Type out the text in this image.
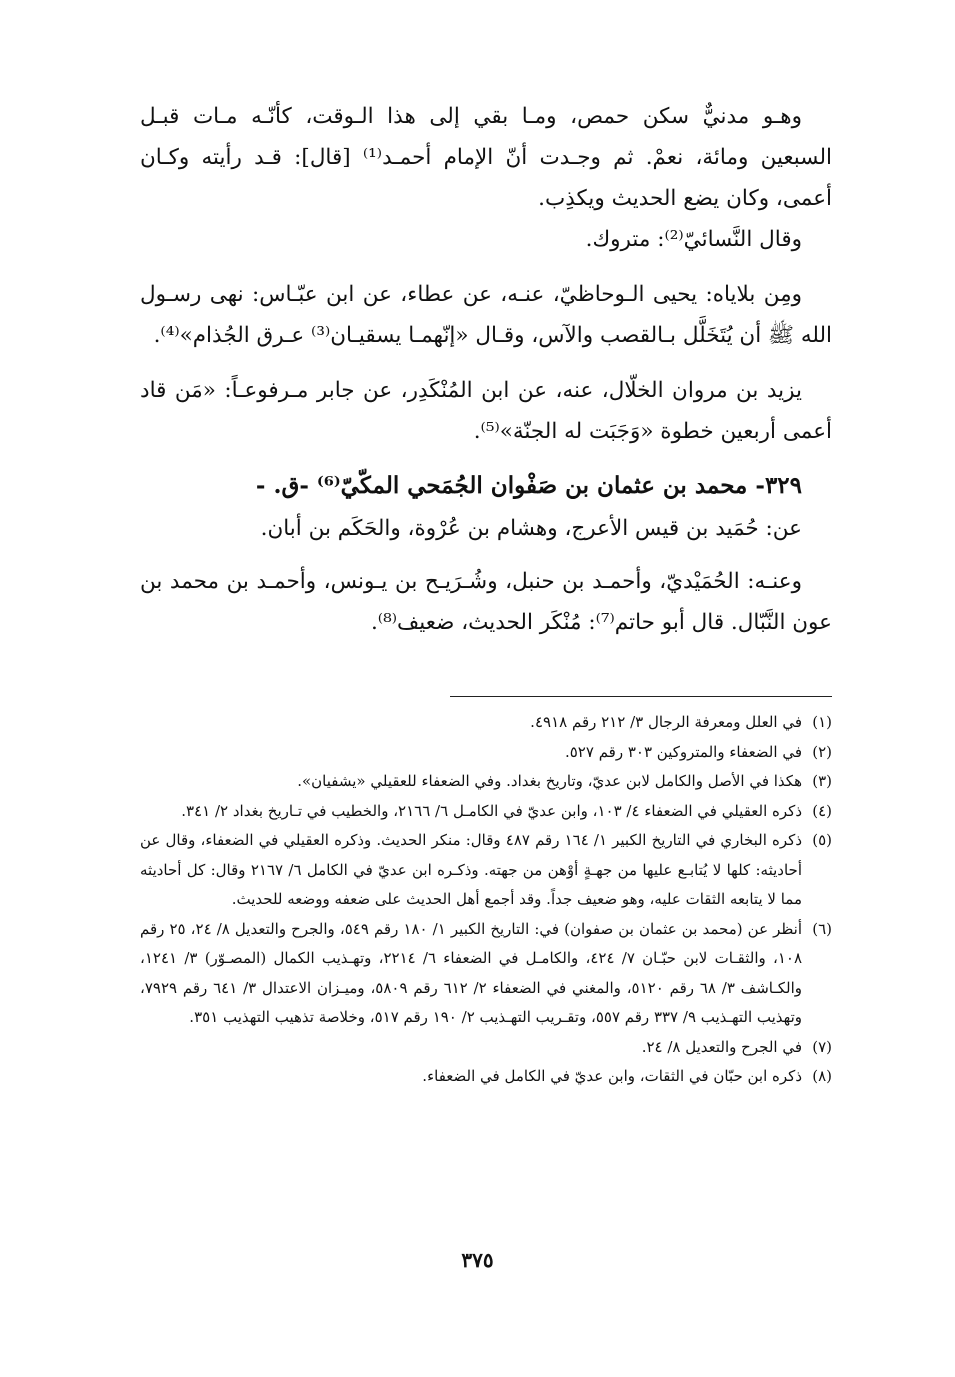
وهـو مدنيٌّ سكن حمص، ومـا بقي إلى هذا الـوقت، كأنّـه مـات قبـل السبعين ومائة، نعمْ. ثم وجـدت أنّ الإمام أحمـد⁽¹⁾ [قال]: قـد رأيته وكـان أعمى، وكان يضع الحديث ويكذِب.

وقال النَّسائيّ⁽²⁾: متروك.

ومِن بلاياه: يحيى الـوحاظيّ، عنـه، عن عطاء، عن ابن عبّـاس: نهى رسـول الله ﷺ أن يُتَخَلَّل بـالقصب والآس، وقـال «إنّهمـا يسقيـان⁽³⁾ عـرق الجُذام»⁽⁴⁾.

يزيد بن مروان الخلّال، عنه، عن ابن المُنْكَدِر، عن جابر مـرفوعـاً: «مَن قاد أعمى أربعين خطوة «وَجَبَت له الجنّة»⁽⁵⁾.

٣٢٩- محمد بن عثمان بن صَفْوان الجُمَحي المكّيّ⁽⁶⁾ -ق. -

عن: حُمَيد بن قيس الأعرج، وهشام بن عُرْوة، والحَكَم بن أبان.

وعنـه: الحُمَيْديّ، وأحمـد بن حنبل، وشُـرَيـح بن يـونس، وأحمـد بن محمد بن عون النَّبّال. قال أبو حاتم⁽⁷⁾: مُنْكَر الحديث، ضعيف⁽⁸⁾.

(١)
في العلل ومعرفة الرجال ٣/ ٢١٢ رقم ٤٩١٨.
(٢)
في الضعفاء والمتروكين ٣٠٣ رقم ٥٢٧.
(٣)
هكذا في الأصل والكامل لابن عديّ، وتاريخ بغداد. وفي الضعفاء للعقيلي «يشفيان».
(٤)
ذكره العقيلي في الضعفاء ٤/ ١٠٣، وابن عديّ في الكامـل ٦/ ٢١٦٦، والخطيب في تـاريخ بغداد ٢/ ٣٤١.
(٥)
ذكره البخاري في التاريخ الكبير ١/ ١٦٤ رقم ٤٨٧ وقال: منكر الحديث. وذكره العقيلي في الضعفاء، وقال عن أحاديثه: كلها لا يُتابـع عليها من جهـةٍ أوْهن من جهته. وذكـره ابن عديّ في الكامل ٦/ ٢١٦٧ وقال: كل أحاديثه مما لا يتابعه الثقات عليه، وهو ضعيف جداً. وقد أجمع أهل الحديث على ضعفه ووضعه للحديث.
(٦)
أنظر عن (محمد بن عثمان بن صفوان) في: التاريخ الكبير ١/ ١٨٠ رقم ٥٤٩، والجرح والتعديل ٨/ ٢٤، ٢٥ رقم ١٠٨، والثقـات لابن حبّـان ٧/ ٤٢٤، والكامـل في الضعفاء ٦/ ٢٢١٤، وتهـذيب الكمال (المصـوّر) ٣/ ١٢٤١، والكـاشف ٣/ ٦٨ رقم ٥١٢٠، والمغني في الضعفاء ٢/ ٦١٢ رقم ٥٨٠٩، وميـزان الاعتدال ٣/ ٦٤١ رقم ٧٩٢٩، وتهذيب التهـذيب ٩/ ٣٣٧ رقم ٥٥٧، وتقـريب التهـذيب ٢/ ١٩٠ رقم ٥١٧، وخلاصة تذهيب التهذيب ٣٥١.
(٧)
في الجرح والتعديل ٨/ ٢٤.
(٨)
ذكره ابن حبّان في الثقات، وابن عديّ في الكامل في الضعفاء.
٣٧٥
